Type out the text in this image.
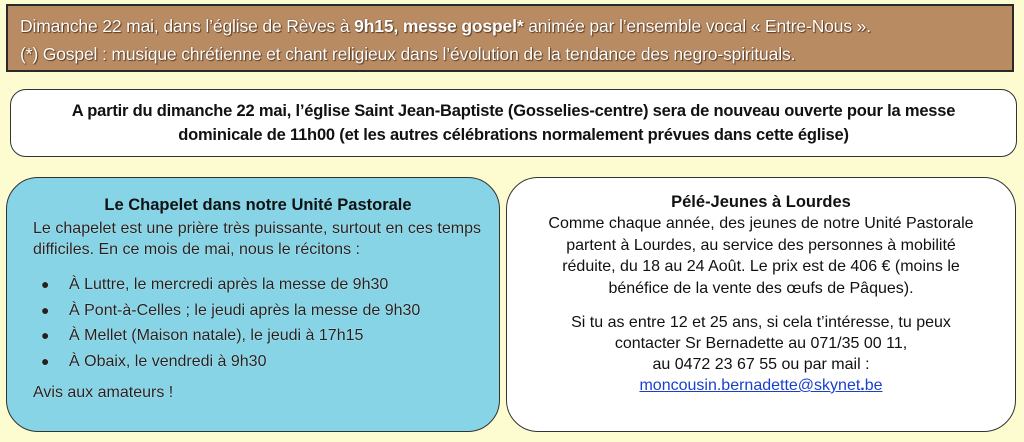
Dimanche 22 mai, dans l’église de Rèves à 9h15, messe gospel* animée par l’ensemble vocal « Entre-Nous ».
(*) Gospel : musique chrétienne et chant religieux dans l’évolution de la tendance des negro-spirituals.
A partir du dimanche 22 mai, l’église Saint Jean-Baptiste (Gosselies-centre) sera de nouveau ouverte pour la messe
dominicale de 11h00 (et les autres célébrations normalement prévues dans cette église)
Le Chapelet dans notre Unité Pastorale

Le chapelet est une prière très puissante, surtout en ces temps difficiles. En ce mois de mai, nous le récitons :

● À Luttre, le mercredi après la messe de 9h30
● À Pont-à-Celles ; le jeudi après la messe de 9h30
● À Mellet (Maison natale), le jeudi à 17h15
● À Obaix, le vendredi à 9h30
Avis aux amateurs !
Pélé-Jeunes à Lourdes

Comme chaque année, des jeunes de notre Unité Pastorale
partent à Lourdes, au service des personnes à mobilité
réduite, du 18 au 24 Août. Le prix est de 406 € (moins le
bénéfice de la vente des œufs de Pâques).

Si tu as entre 12 et 25 ans, si cela t’intéresse, tu peux
contacter Sr Bernadette au 071/35 00 11,
au 0472 23 67 55 ou par mail :
moncousin.bernadette@skynet.be
